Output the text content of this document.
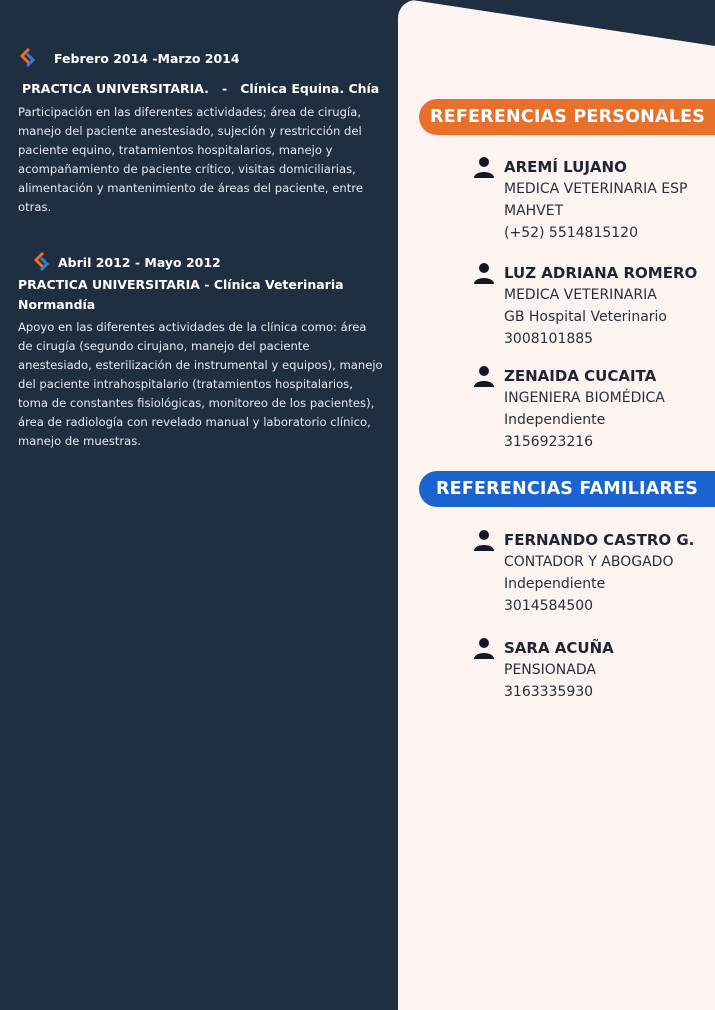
Febrero 2014 -Marzo 2014
PRACTICA UNIVERSITARIA.   -   Clínica Equina. Chía
Participación en las diferentes actividades; área de cirugía, manejo del paciente anestesiado, sujeción y restricción del paciente equino, tratamientos hospitalarios, manejo y acompañamiento de paciente crítico, visitas domiciliarias, alimentación y mantenimiento de áreas del paciente, entre otras.
Abril 2012 - Mayo 2012
PRACTICA UNIVERSITARIA - Clínica Veterinaria Normandía
Apoyo en las diferentes actividades de la clínica como: área de cirugía (segundo cirujano, manejo del paciente anestesiado, esterilización de instrumental y equipos), manejo del paciente intrahospitalario (tratamientos hospitalarios, toma de constantes fisiológicas, monitoreo de los pacientes), área de radiología con revelado manual y laboratorio clínico, manejo de muestras.
REFERENCIAS PERSONALES
AREMÍ LUJANO
MEDICA VETERINARIA ESP
MAHVET
(+52) 5514815120
LUZ ADRIANA ROMERO
MEDICA VETERINARIA
GB Hospital Veterinario
3008101885
ZENAIDA CUCAITA
INGENIERA BIOMÉDICA
Independiente
3156923216
REFERENCIAS FAMILIARES
FERNANDO CASTRO G.
CONTADOR Y ABOGADO
Independiente
3014584500
SARA ACUÑA
PENSIONADA
3163335930
